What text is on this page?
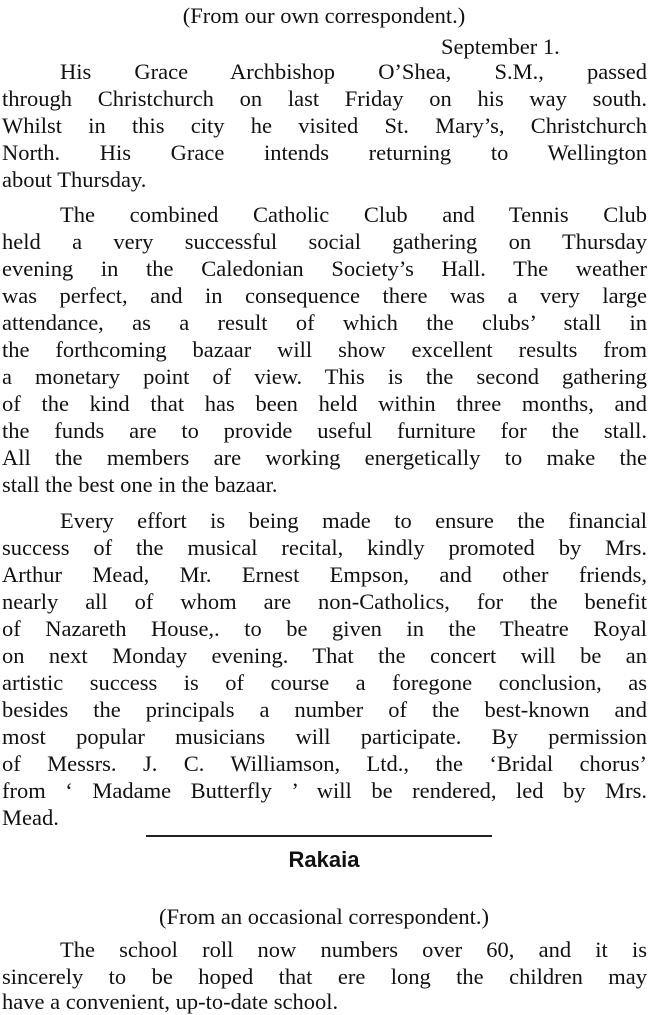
(From our own correspondent.)
September 1.
His Grace Archbishop O’Shea, S.M., passed
through Christchurch on last Friday on his way south.
Whilst in this city he visited St. Mary’s, Christchurch
North. His Grace intends returning to Wellington
about Thursday.
The combined Catholic Club and Tennis Club
held a very successful social gathering on Thursday
evening in the Caledonian Society’s Hall. The weather
was perfect, and in consequence there was a very large
attendance, as a result of which the clubs’ stall in
the forthcoming bazaar will show excellent results from
a monetary point of view. This is the second gathering
of the kind that has been held within three months, and
the funds are to provide useful furniture for the stall.
All the members are working energetically to make the
stall the best one in the bazaar.
Every effort is being made to ensure the financial
success of the musical recital, kindly promoted by Mrs.
Arthur Mead, Mr. Ernest Empson, and other friends,
nearly all of whom are non-Catholics, for the benefit
of Nazareth House,. to be given in the Theatre Royal
on next Monday evening. That the concert will be an
artistic success is of course a foregone conclusion, as
besides the principals a number of the best-known and
most popular musicians will participate. By permission
of Messrs. J. C. Williamson, Ltd., the ‘Bridal chorus’
from ‘ Madame Butterfly ’ will be rendered, led by Mrs.
Mead.
Rakaia
(From an occasional correspondent.)
The school roll now numbers over 60, and it is
sincerely to be hoped that ere long the children may
have a convenient, up-to-date school.
